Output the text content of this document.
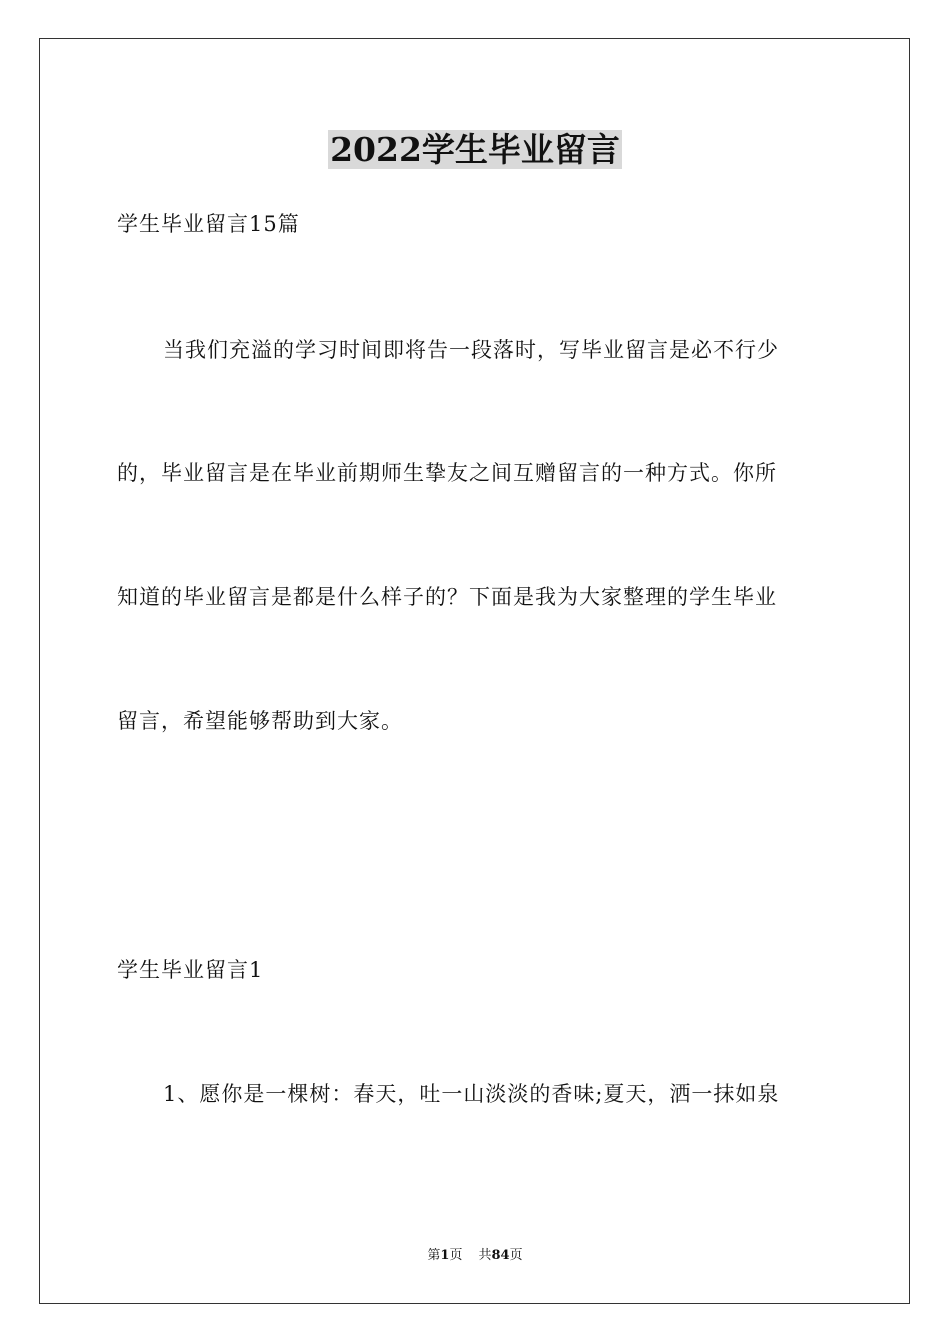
2022学生毕业留言
学生毕业留言15篇
当我们充溢的学习时间即将告一段落时，写毕业留言是必不行少
的，毕业留言是在毕业前期师生挚友之间互赠留言的一种方式。你所
知道的毕业留言是都是什么样子的？下面是我为大家整理的学生毕业
留言，希望能够帮助到大家。
学生毕业留言1
1、愿你是一棵树：春天，吐一山淡淡的香味;夏天，洒一抹如泉
第1页 共84页
